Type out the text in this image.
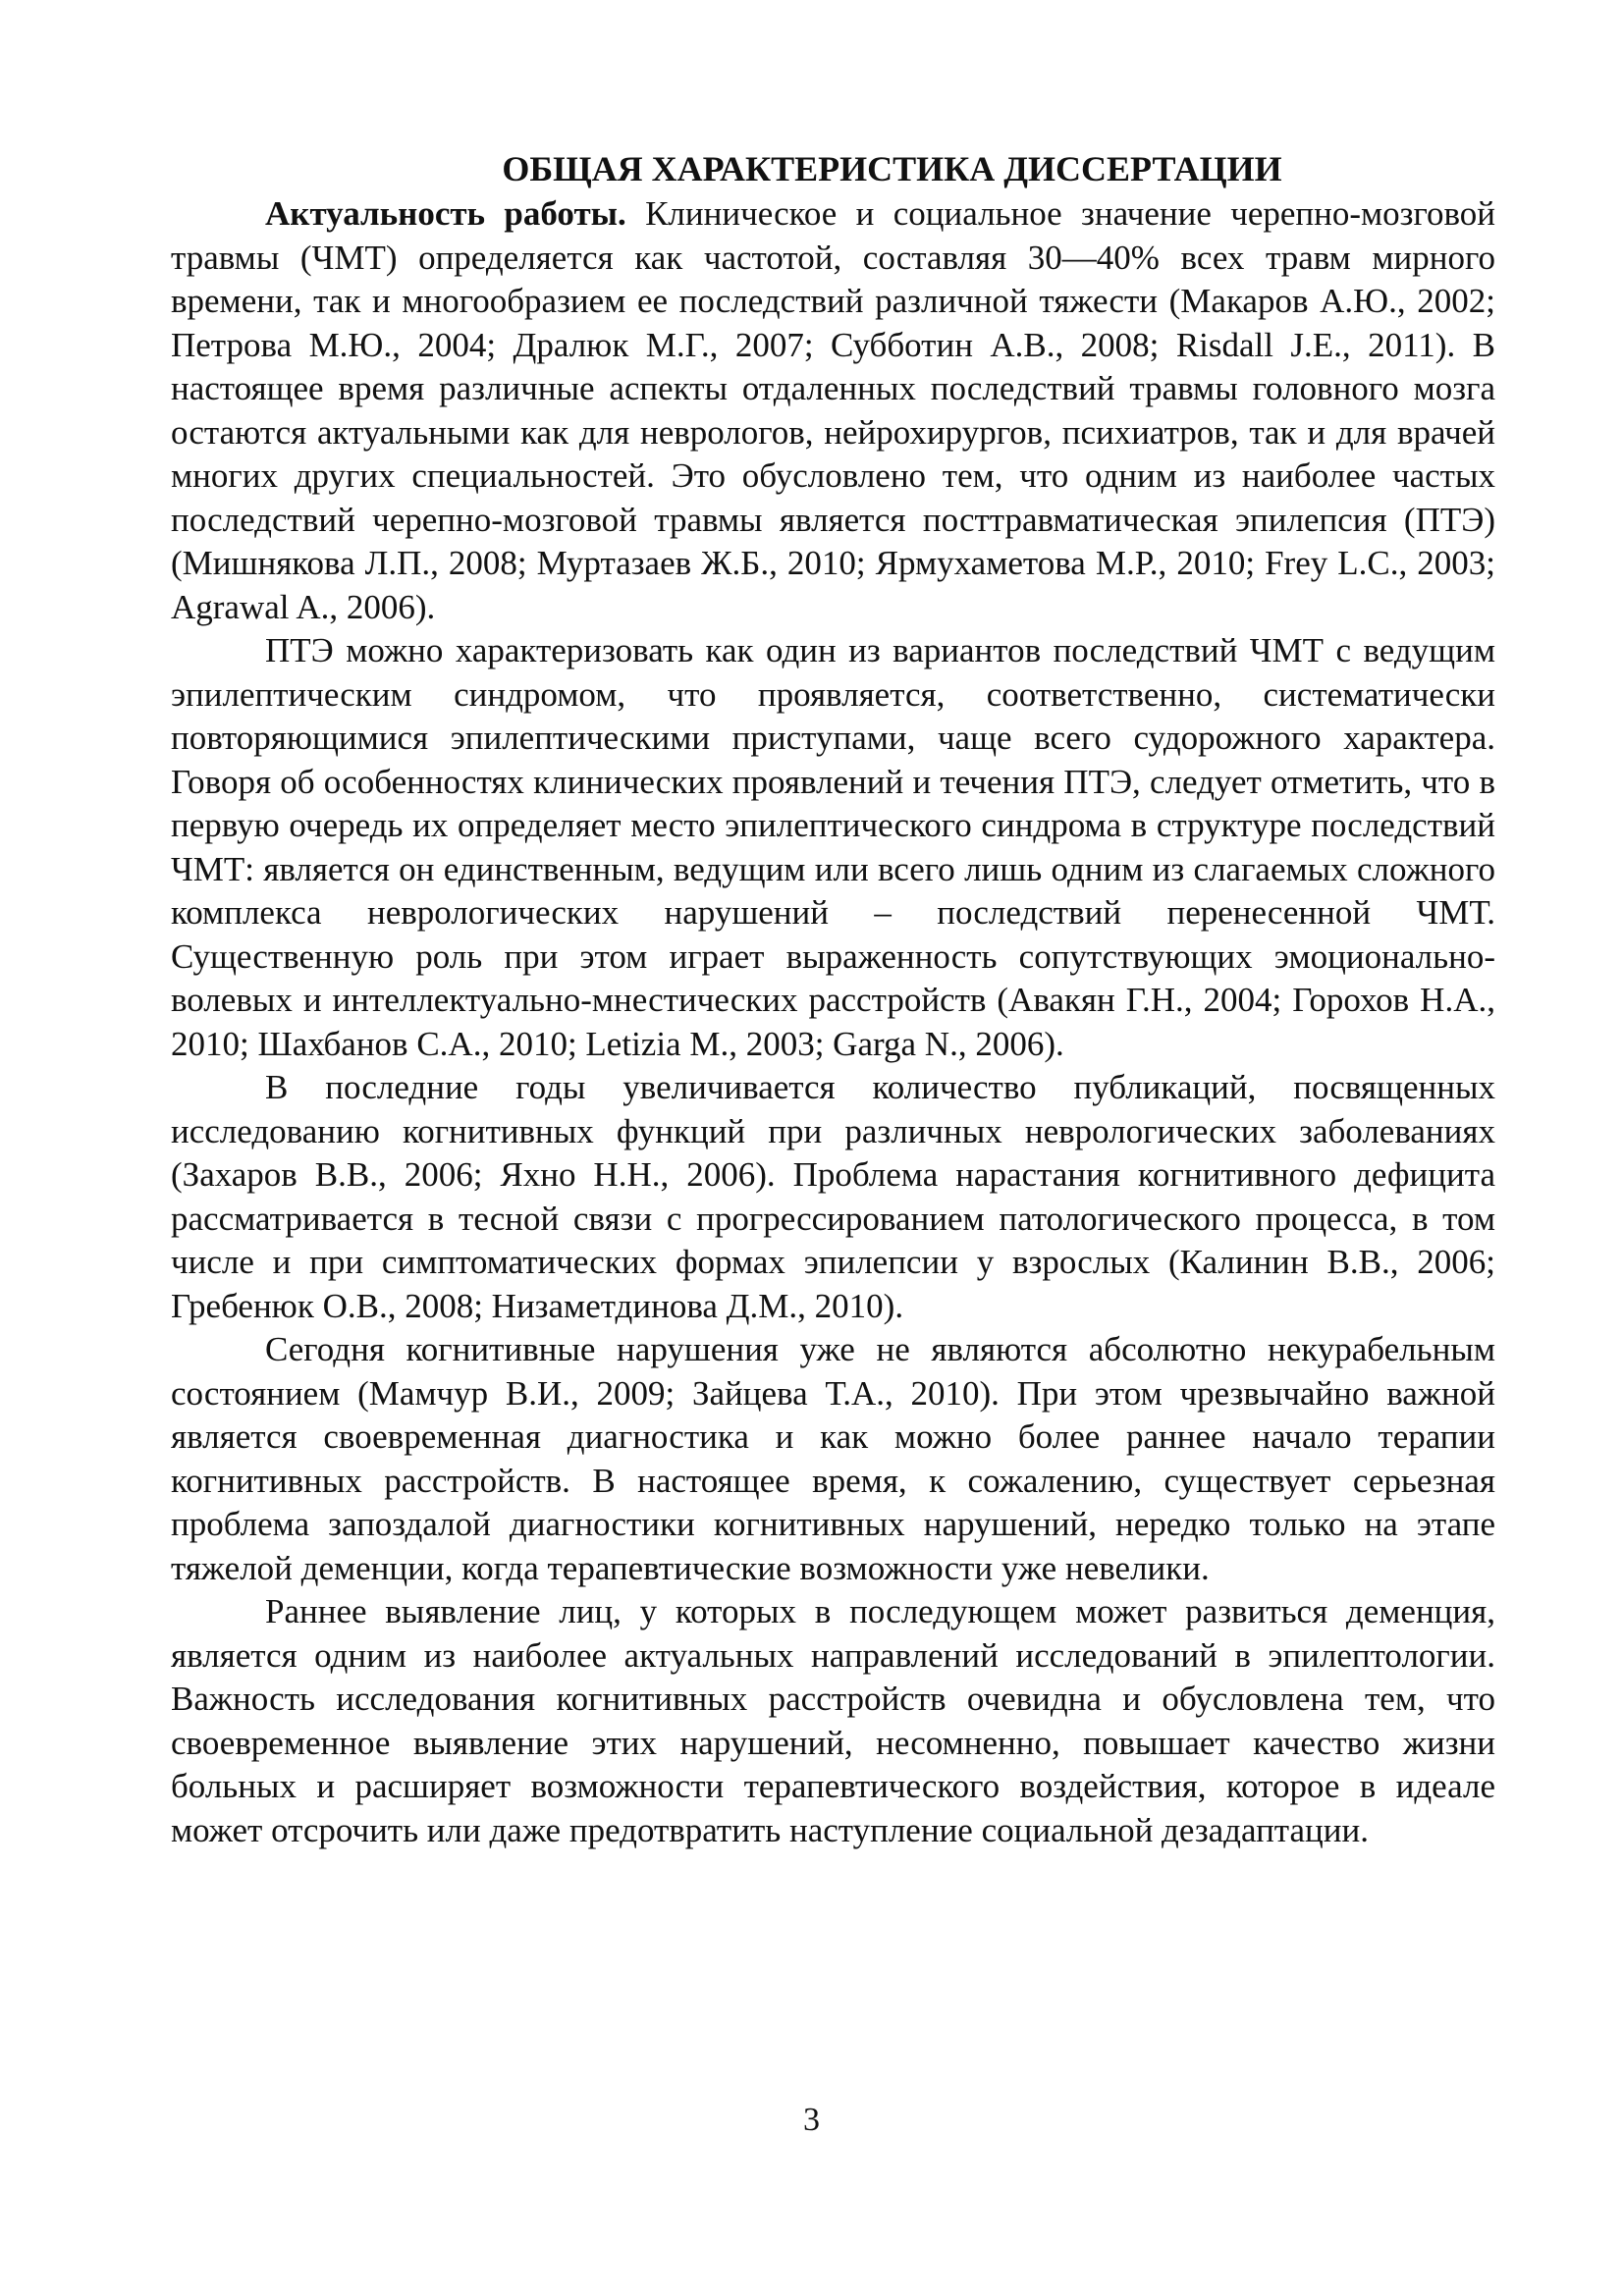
ОБЩАЯ ХАРАКТЕРИСТИКА ДИССЕРТАЦИИ

Актуальность работы. Клиническое и социальное значение черепно-мозговой травмы (ЧМТ) определяется как частотой, составляя 30—40% всех травм мирного времени, так и многообразием ее последствий различной тяжести (Макаров А.Ю., 2002; Петрова М.Ю., 2004; Дралюк М.Г., 2007; Субботин А.В., 2008; Risdall J.E., 2011). В настоящее время различные аспекты отдаленных последствий травмы головного мозга остаются актуальными как для неврологов, нейрохирургов, психиатров, так и для врачей многих других специальностей. Это обусловлено тем, что одним из наиболее частых последствий черепно-мозговой травмы является посттравматическая эпилепсия (ПТЭ) (Мишнякова Л.П., 2008; Муртазаев Ж.Б., 2010; Ярмухаметова М.Р., 2010; Frey L.C., 2003; Agrawal A., 2006).

ПТЭ можно характеризовать как один из вариантов последствий ЧМТ с ведущим эпилептическим синдромом, что проявляется, соответственно, систематически повторяющимися эпилептическими приступами, чаще всего судорожного характера. Говоря об особенностях клинических проявлений и течения ПТЭ, следует отметить, что в первую очередь их определяет место эпилептического синдрома в структуре последствий ЧМТ: является он единственным, ведущим или всего лишь одним из слагаемых сложного комплекса неврологических нарушений – последствий перенесенной ЧМТ. Существенную роль при этом играет выраженность сопутствующих эмоционально-волевых и интеллектуально-мнестических расстройств (Авакян Г.Н., 2004; Горохов Н.А., 2010; Шахбанов С.А., 2010; Letizia M., 2003; Garga N., 2006).

В последние годы увеличивается количество публикаций, посвященных исследованию когнитивных функций при различных неврологических заболеваниях (Захаров В.В., 2006; Яхно Н.Н., 2006). Проблема нарастания когнитивного дефицита рассматривается в тесной связи с прогрессированием патологического процесса, в том числе и при симптоматических формах эпилепсии у взрослых (Калинин В.В., 2006; Гребенюк О.В., 2008; Низаметдинова Д.М., 2010).

Сегодня когнитивные нарушения уже не являются абсолютно некурабельным состоянием (Мамчур В.И., 2009; Зайцева Т.А., 2010). При этом чрезвычайно важной является своевременная диагностика и как можно более раннее начало терапии когнитивных расстройств. В настоящее время, к сожалению, существует серьезная проблема запоздалой диагностики когнитивных нарушений, нередко только на этапе тяжелой деменции, когда терапевтические возможности уже невелики.

Раннее выявление лиц, у которых в последующем может развиться деменция, является одним из наиболее актуальных направлений исследований в эпилептологии. Важность исследования когнитивных расстройств очевидна и обусловлена тем, что своевременное выявление этих нарушений, несомненно, повышает качество жизни больных и расширяет возможности терапевтического воздействия, которое в идеале может отсрочить или даже предотвратить наступление социальной дезадаптации.

3
